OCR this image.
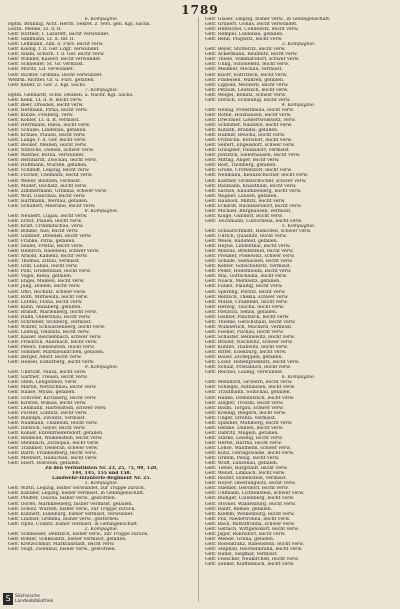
1789
6. Kompagnie.
Hptm. Brüning, Acht. Herrn. Sekret. z. Vers. gen. Kgl. Sachs.
Leutn. Menke, Lt. d. R.
Gefr. Hüttner, I. Lazarett, leicht verwundet.
Gefr. Sahlmann, Lt. d. Inf. II.
Gefr. Lehmann, Zim. d. Fürs. leicht verw.
Gefr. Kiellig, f. d. Ger. Ldgr. verwundet.
Gefr. Adam, Schorn. f. d. Ger. leicht verw.
Gefr. Winkler, Kaiserf. leicht verwundet.
Gefr. Schneider, St. Gr. vermisst.
Gefr. Moritz, Ld. verwundet.
Gefr. Richter, Grimma, leicht verwundet.
Wehrm. Richter, Gl. u. Fürs. gefallen.
Gefr. Keller, D. Ger. 2. Kgl. Sachs.
7. Kompagnie.
Hptm. Gebhardt, Schw. Deuben, a. Nachr. Kgl. Sachs.
Gefr. Kenk, Lt. d. R. leicht verw.
Gefr. Beer, Dresden, leicht verw.
Gefr. Hermann, Pirna, leicht verw.
Gefr. Kunze, Freiberg, verw.
Gefr. Kohler, Lt. d. R. vermisst.
Gefr. Herrmann, Riesa, leicht verw.
Gefr. Schulze, Lindenau, gefallen.
Gefr. Krause, Plauen, leicht verw.
Gefr. Lange, f. d. Ger. leicht verw.
Gefr. Becker, Meißen, leicht verw.
Gefr. Nitzsche, Döbeln, schwer verw.
Gefr. Walther, Borna, verwundet.
Gefr. Bernhardt, Zwickau, leicht verw.
Gefr. Hoffmann, Wurzen, gefallen.
Gefr. Schmidt, Leipzig, leicht verw.
Gefr. Fischer, Chemnitz, leicht verw.
Gefr. Weber, Bautzen, vermisst.
Gefr. Müller, Oschatz, leicht verw.
Gefr. Zimmermann, Grimma, schwer verw.
Gefr. Wolf, Glauchau, leicht verw.
Gefr. Hartmann, Werdau, gefallen.
Gefr. Schubert, Meerane, leicht verw.
8. Kompagnie.
Gefr. Neubert, Lugau, leicht verw.
Gefr. Ernst, Plauen, leicht verw.
Gefr. Kraft, Crimmitschau, verw.
Gefr. Böhme, Aue, leicht verw.
Gefr. Günther, Dresden, leicht verw.
Gefr. Franke, Pirna, gefallen.
Gefr. Seidel, Freital, leicht verw.
Gefr. Heinrich, Radebeul, schwer verw.
Gefr. Arnold, Kamenz, leicht verw.
Gefr. Thomas, Zittau, vermisst.
Gefr. Graf, Löbau, leicht verw.
Gefr. Pohl, Großenhain, leicht verw.
Gefr. Vogel, Riesa, gefallen.
Gefr. Engel, Meißen, leicht verw.
Gefr. Jung, Döbeln, leicht verw.
Gefr. Otto, Rochlitz, schwer verw.
Gefr. Roth, Mittweida, leicht verw.
Gefr. Lorenz, Flöha, leicht verw.
Gefr. Kühn, Annaberg, gefallen.
Gefr. Brandt, Marienberg, leicht verw.
Gefr. Hahn, Olbernhau, leicht verw.
Gefr. Schreiber, Stollberg, vermisst.
Gefr. Winter, Schwarzenberg, leicht verw.
Gefr. Ludwig, Oelsnitz, leicht verw.
Gefr. Kaiser, Reichenbach, schwer verw.
Gefr. Friedrich, Auerbach, leicht verw.
Gefr. Peters, Falkenstein, leicht verw.
Gefr. Sommer, Markneukirchen, gefallen.
Gefr. Berger, Adorf, leicht verw.
Gefr. Hensel, Elsterberg, leicht verw.
9. Kompagnie.
Gefr. Ulbricht, Pausa, leicht verw.
Gefr. Gärtner, Treuen, leicht verw.
Gefr. Stein, Lengenfeld, verw.
Gefr. Martin, Netzschkau, leicht verw.
Gefr. Haase, Mylau, gefallen.
Gefr. Schröter, Kirchberg, leicht verw.
Gefr. Kirsten, Wilkau, leicht verw.
Gefr. Lehmann, Hartenstein, schwer verw.
Gefr. Förster, Lößnitz, leicht verw.
Gefr. Rudolph, Zwönitz, vermisst.
Gefr. Naumann, Thalheim, leicht verw.
Gefr. Dietrich, Geyer, leicht verw.
Gefr. Köhler, Ehrenfriedersdorf, gefallen.
Gefr. Reinhold, Wolkenstein, leicht verw.
Gefr. Steinbach, Zschopau, leicht verw.
Gefr. Tränkner, Oederan, schwer verw.
Gefr. Barth, Frankenberg, leicht verw.
Gefr. Mehnert, Hainichen, leicht verw.
Gefr. Ebert, Roßwein, gefallen.
Zu den Verlustlisten Nr. 23, 25, 75, 98, 128,
144, 145, 155 und 158.
Landwehr-Infanterie-Regiment Nr. 25.
1. Kompagnie.
Gefr. Wirth, Leipzig, bisher verwundet, zur Truppe zurück.
Gefr. Kandler, Leipzig, bisher vermisst, in Gefangenschaft.
Gefr. Pfeiffer, Taucha, bisher verw., gestorben.
Gefr. Dörfel, Markkleeberg, bisher vermisst, gefallen.
Gefr. Scholz, Wurzen, bisher verw., zur Truppe zurück.
Gefr. Kuhnert, Eilenburg, bisher vermisst, verwundet.
Gefr. Lindner, Grimma, bisher verw., gestorben.
Gefr. Opitz, Colditz, bisher vermisst, in Gefangenschaft.
2. Kompagnie.
Gefr. Schmieder, Delitzsch, bisher verw., zur Truppe zurück.
Gefr. Rößler, Schkeuditz, bisher vermisst, gefallen.
Gefr. Kretzschmar, Markranstädt, leicht verw.
Gefr. Voigt, Zwenkau, bisher verw., gestorben.
Gefr. Gläser, Leipzig, bisher verw., in Gefangenschaft.
Gefr. Grunert, Gohlis, leicht verwundet.
Gefr. Hentschel, Connewitz, leicht verw.
Gefr. Hempel, Lindenau, gefallen.
Gefr. Rehn, Plagwitz, leicht verw.
3. Kompagnie.
Gefr. Beyer, Stötteritz, leicht verw.
Gefr. Ackermann, Reudnitz, leicht verw.
Gefr. Thiele, Volkmarsdorf, schwer verw.
Gefr. Uhlig, Schönefeld, leicht verw.
Gefr. Meißner, Mockau, vermisst.
Gefr. Knorr, Eutritzsch, leicht verw.
Gefr. Findeisen, Wahren, gefallen.
Gefr. Lippold, Möckern, leicht verw.
Gefr. Petzold, Leutzsch, leicht verw.
Gefr. Weigel, Böhlitz, schwer verw.
Gefr. Ehrlich, Schleußig, leicht verw.
4. Kompagnie.
Gefr. Heinig, Probstheida, leicht verw.
Gefr. Rothe, Holzhausen, leicht verw.
Gefr. Drechsler, Liebertwolkwitz, verw.
Gefr. Schindler, Naunhof, leicht verw.
Gefr. Kunath, Brandis, gefallen.
Gefr. Hübner, Beucha, leicht verw.
Gefr. Fritzsche, Borsdorf, leicht verw.
Gefr. Seifert, Engelsdorf, schwer verw.
Gefr. Graupner, Paunsdorf, vermisst.
Gefr. Jentzsch, Sellerhausen, leicht verw.
Gefr. Mittag, Anger, leicht verw.
Gefr. Rost, Thonberg, gefallen.
Gefr. Große, Crottendorf, leicht verw.
Gefr. Neumann, Kleinzschocher, leicht verw.
Gefr. Kästner, Großzschocher, schwer verw.
Gefr. Baumann, Knauthain, leicht verw.
Gefr. Sachse, Knautkleeberg, leicht verw.
Gefr. Wagner, Lausen, gefallen.
Gefr. Haubold, Miltitz, leicht verw.
Gefr. Eckardt, Rückmarsdorf, leicht verw.
Gefr. Michael, Burghausen, vermisst.
Gefr. Kluge, Gundorf, leicht verw.
Gefr. Teichmann, Lützschena, leicht verw.
5. Kompagnie.
Gefr. Schaarschmidt, Hänichen, schwer verw.
Gefr. Ullrich, Quasnitz, leicht verw.
Gefr. Weise, Radefeld, gefallen.
Gefr. Heyne, Lindenthal, leicht verw.
Gefr. Möbius, Breitenfeld, leicht verw.
Gefr. Preußer, Podelwitz, schwer verw.
Gefr. Schade, Seehausen, leicht verw.
Gefr. Keßler, Göbschelwitz, vermisst.
Gefr. Poller, Hohenheida, leicht verw.
Gefr. Mai, Gottscheina, leicht verw.
Gefr. Noack, Merkwitz, gefallen.
Gefr. Funke, Plaußig, leicht verw.
Gefr. Sperling, Portitz, leicht verw.
Gefr. Rentsch, Thekla, schwer verw.
Gefr. Mütze, Cradefeld, leicht verw.
Gefr. Herzog, Taucha, leicht verw.
Gefr. Pietzsch, Sehlis, gefallen.
Gefr. Geißler, Panitzsch, leicht verw.
Gefr. Thieme, Gerichshain, leicht verw.
Gefr. Wunderlich, Machern, vermisst.
Gefr. Fiedler, Püchau, leicht verw.
Gefr. Schuster, Bennewitz, leicht verw.
Gefr. Bräuer, Nischwitz, schwer verw.
Gefr. Kuntze, Thallwitz, leicht verw.
Gefr. Ritter, Eilenburg, leicht verw.
Gefr. Bauer, Zschepplin, gefallen.
Gefr. Löser, Hohenprießnitz, leicht verw.
Gefr. Schulz, Pristäblich, leicht verw.
Gefr. Reichel, Laußig, verwundet.
6. Kompagnie.
Gefr. Mehlhorn, Gröbern, leicht verw.
Gefr. Schlegel, Authausen, leicht verw.
Gefr. Trautmann, Söllichau, gefallen.
Gefr. Hanke, Dommitzsch, leicht verw.
Gefr. Ziegler, Trossin, leicht verw.
Gefr. Baum, Torgau, schwer verw.
Gefr. Kreißig, Belgern, leicht verw.
Gefr. Unger, Strehla, vermisst.
Gefr. Spindler, Mühlberg, leicht verw.
Gefr. Oehme, Dahlen, leicht verw.
Gefr. Däbritz, Mügeln, gefallen.
Gefr. Starke, Leisnig, leicht verw.
Gefr. Hertel, Hartha, leicht verw.
Gefr. Lohse, Waldheim, schwer verw.
Gefr. Kunz, Geringswalde, leicht verw.
Gefr. Grimm, Penig, leicht verw.
Gefr. Wolff, Lunzenau, gefallen.
Gefr. Tietze, Burgstädt, leicht verw.
Gefr. Wendt, Limbach, leicht verw.
Gefr. Reuter, Hohenstein, vermisst.
Gefr. Hoyer, Oberlungwitz, leicht verw.
Gefr. Stiehler, Gersdorf, leicht verw.
Gefr. Uhlmann, Lichtenstein, schwer verw.
Gefr. Rüdiger, Callenberg, leicht verw.
Gefr. Stöckel, Waldenburg, leicht verw.
Gefr. Ranft, Remse, gefallen.
Gefr. Klemm, Wolkenburg, leicht verw.
Gefr. Pilz, Niederfrohna, leicht verw.
Gefr. Bach, Mittelfrohna, schwer verw.
Gefr. Gerlach, Wittgensdorf, leicht verw.
Gefr. Jäger, Röhrsdorf, leicht verw.
Gefr. Mende, Grüna, gefallen.
Gefr. Rosenkranz, Rabenstein, leicht verw.
Gefr. Stephan, Reichenbrand, leicht verw.
Gefr. Hänel, Siegmar, vermisst.
Gefr. Fleischer, Neukirchen, leicht verw.
Gefr. Zenker, Klaffenbach, leicht verw.
S Sächsische
Landesbibliothek
